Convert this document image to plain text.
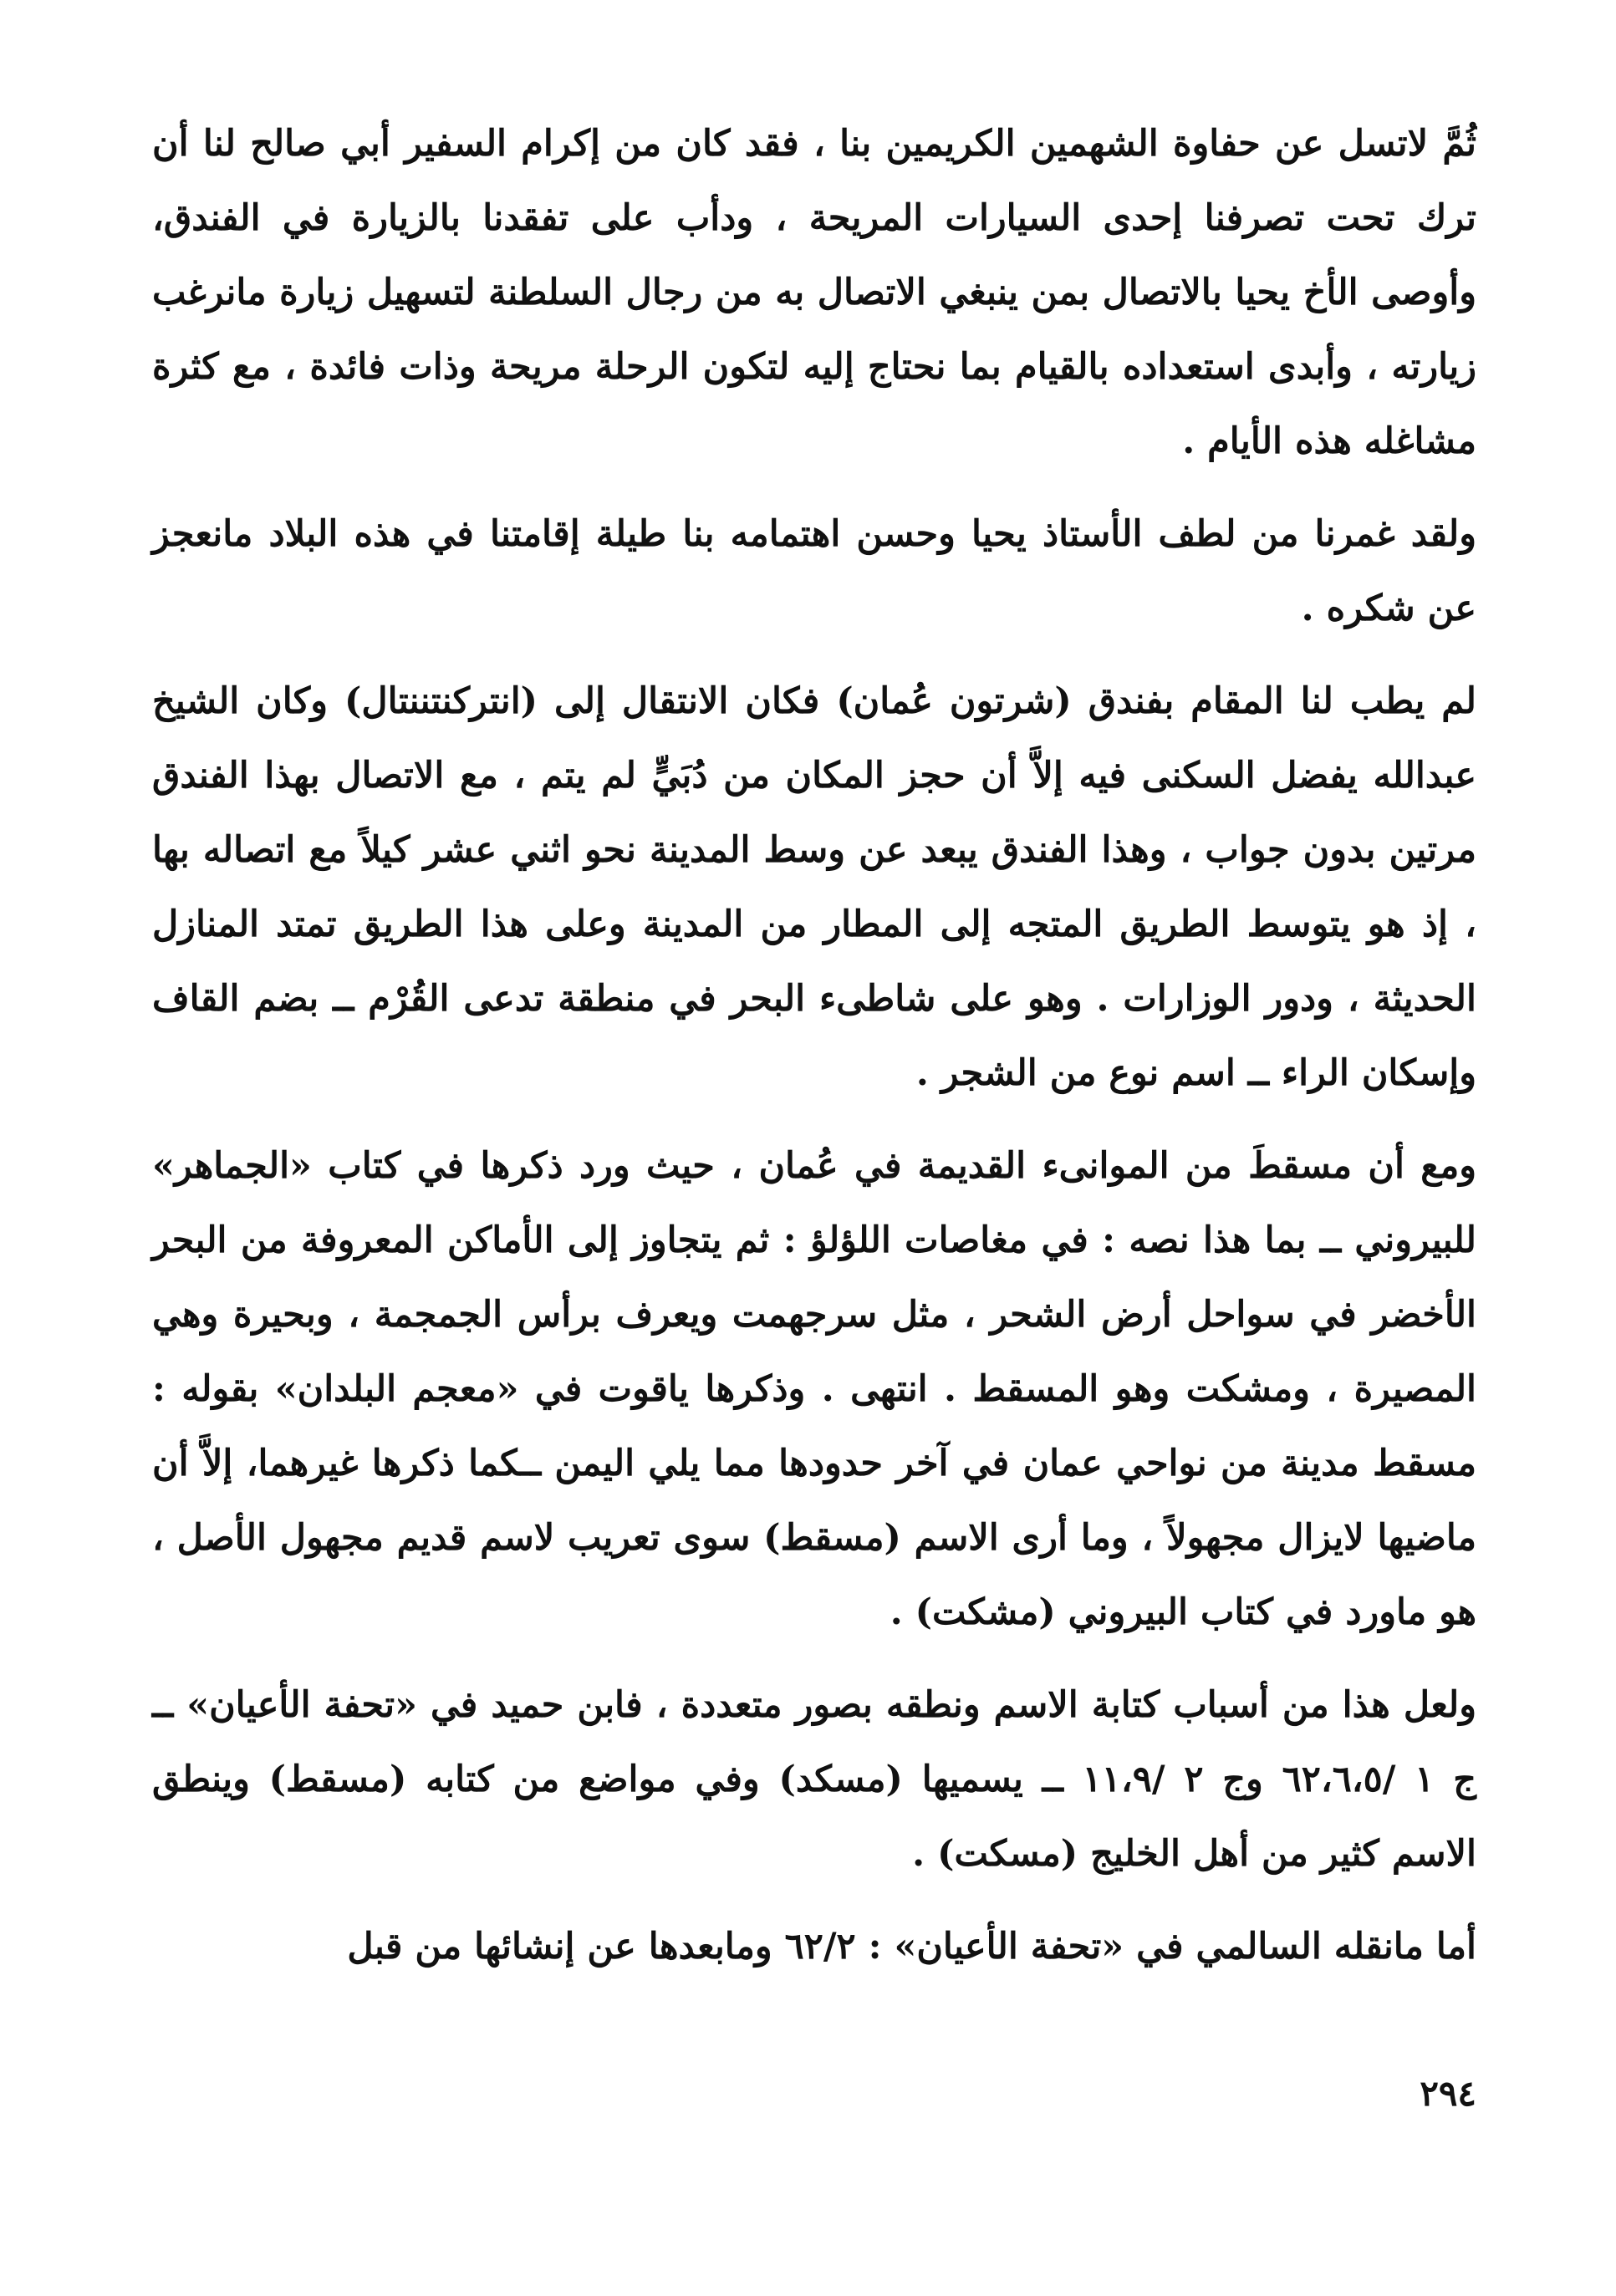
ثُمَّ لاتسل عن حفاوة الشهمين الكريمين بنا ، فقد كان من إكرام السفير أبي صالح لنا أن ترك تحت تصرفنا إحدى السيارات المريحة ، ودأب على تفقدنا بالزيارة في الفندق، وأوصى الأخ يحيا بالاتصال بمن ينبغي الاتصال به من رجال السلطنة لتسهيل زيارة مانرغب زيارته ، وأبدى استعداده بالقيام بما نحتاج إليه لتكون الرحلة مريحة وذات فائدة ، مع كثرة مشاغله هذه الأيام .

ولقد غمرنا من لطف الأستاذ يحيا وحسن اهتمامه بنا طيلة إقامتنا في هذه البلاد مانعجز عن شكره .

لم يطب لنا المقام بفندق (شرتون عُمان) فكان الانتقال إلى (انتركنتننتال) وكان الشيخ عبدالله يفضل السكنى فيه إلاَّ أن حجز المكان من دُبَيٍّ لم يتم ، مع الاتصال بهذا الفندق مرتين بدون جواب ، وهذا الفندق يبعد عن وسط المدينة نحو اثني عشر كيلاً مع اتصاله بها ، إذ هو يتوسط الطريق المتجه إلى المطار من المدينة وعلى هذا الطريق تمتد المنازل الحديثة ، ودور الوزارات . وهو على شاطىء البحر في منطقة تدعى القُرْم ــ بضم القاف وإسكان الراء ــ اسم نوع من الشجر .

ومع أن مسقطَ من الموانىء القديمة في عُمان ، حيث ورد ذكرها في كتاب «الجماهر» للبيروني ــ بما هذا نصه : في مغاصات اللؤلؤ : ثم يتجاوز إلى الأماكن المعروفة من البحر الأخضر في سواحل أرض الشحر ، مثل سرجهمت ويعرف برأس الجمجمة ، وبحيرة وهي المصيرة ، ومشكت وهو المسقط . انتهى . وذكرها ياقوت في «معجم البلدان» بقوله : مسقط مدينة من نواحي عمان في آخر حدودها مما يلي اليمن ــكما ذكرها غيرهما، إلاَّ أن ماضيها لايزال مجهولاً ، وما أرى الاسم (مسقط) سوى تعريب لاسم قديم مجهول الأصل ، هو ماورد في كتاب البيروني (مشكت) .

ولعل هذا من أسباب كتابة الاسم ونطقه بصور متعددة ، فابن حميد في «تحفة الأعيان» ــ ج ١ /٦٢،٦،٥ وج ٢ /١١،٩ ــ يسميها (مسكد) وفي مواضع من كتابه (مسقط) وينطق الاسم كثير من أهل الخليج (مسكت) .

أما مانقله السالمي في «تحفة الأعيان» : ٦٢/٢ ومابعدها عن إنشائها من قبل

٢٩٤
